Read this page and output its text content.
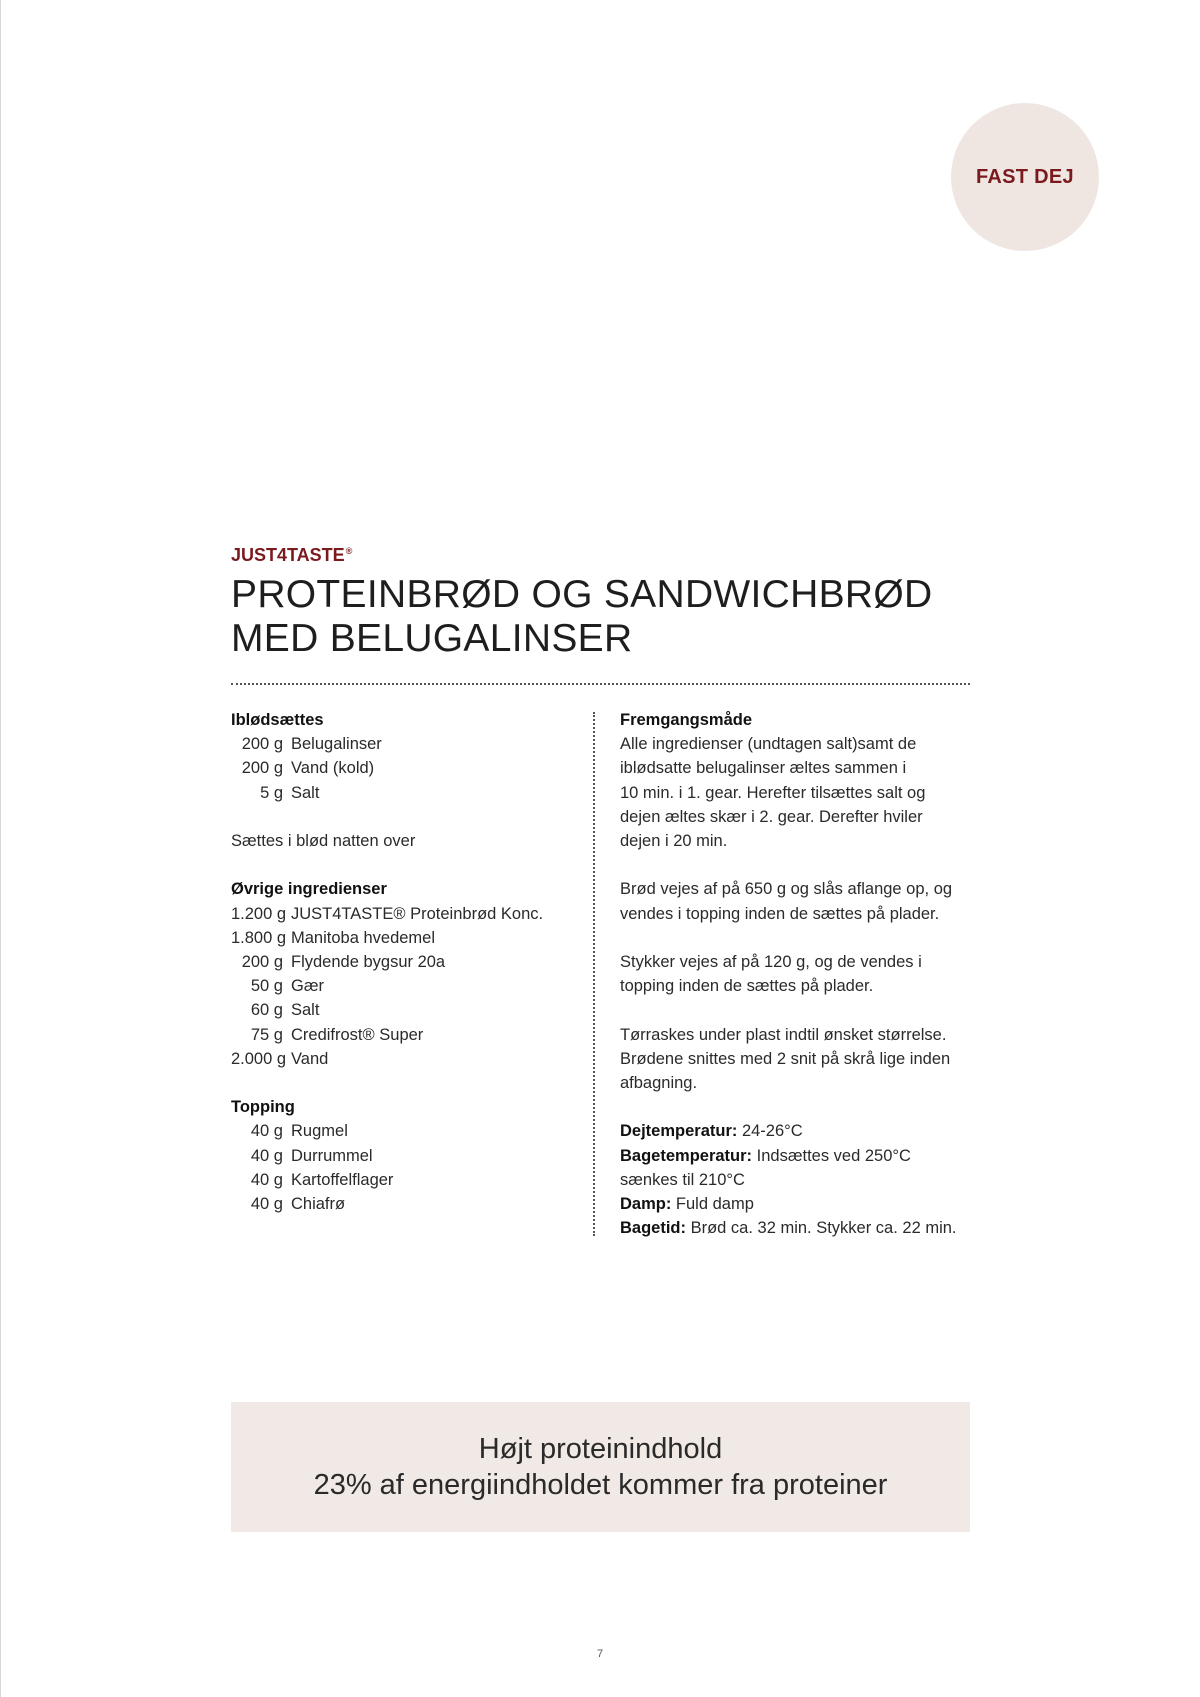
FAST DEJ
JUST4TASTE®
PROTEINBRØD OG SANDWICHBRØD
MED BELUGALINSER
Iblødsættes
200 g Belugalinser
200 g Vand (kold)
5 g Salt
Sættes i blød natten over
Øvrige ingredienser
1.200 g JUST4TASTE® Proteinbrød Konc.
1.800 g Manitoba hvedemel
200 g Flydende bygsur 20a
50 g Gær
60 g Salt
75 g Credifrost® Super
2.000 g Vand
Topping
40 g Rugmel
40 g Durrummel
40 g Kartoffelflager
40 g Chiafrø
Fremgangsmåde
Alle ingredienser (undtagen salt)samt de
iblødsatte belugalinser æltes sammen i
10 min. i 1. gear. Herefter tilsættes salt og
dejen æltes skær i 2. gear. Derefter hviler
dejen i 20 min.
Brød vejes af på 650 g og slås aflange op, og
vendes i topping inden de sættes på plader.
Stykker vejes af på 120 g, og de vendes i
topping inden de sættes på plader.
Tørraskes under plast indtil ønsket størrelse.
Brødene snittes med 2 snit på skrå lige inden
afbagning.
Dejtemperatur: 24-26°C
Bagetemperatur: Indsættes ved 250°C
sænkes til 210°C
Damp: Fuld damp
Bagetid: Brød ca. 32 min. Stykker ca. 22 min.
Højt proteinindhold
23% af energiindholdet kommer fra proteiner
7
